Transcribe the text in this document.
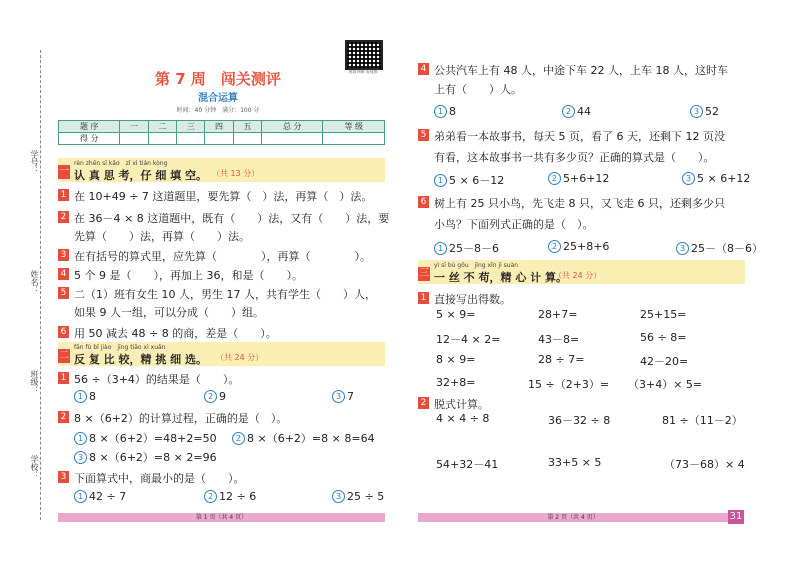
学号：
姓名：
班级：
学校：
第 7 周　闯关测评
混合运算
时间：40 分钟　满分：100 分
视频讲解 看视频
题 序	一	二	三	四	五	总 分	等 级
得 分							
一
rèn zhēn sī kǎo　zǐ xì tián kòng
认 真 思 考，仔 细 填 空。 （共 13 分）
1 在 10+49 ÷ 7 这道题里，要先算（　）法，再算（　）法。
2 在 36－4 × 8 这道题中，既有（　　）法，又有（　　）法，要
先算（　　）法，再算（　　）法。
3 在有括号的算式里，应先算（　　　　），再算（　　　　）。
4 5 个 9 是（　　），再加上 36，和是（　　）。
5 二（1）班有女生 10 人，男生 17 人，共有学生（　　）人，
如果 9 人一组，可以分成（　　）组。
6 用 50 减去 48 ÷ 8 的商，差是（　　）。
二
fǎn fù bǐ jiào　jīng tiāo xì xuǎn
反 复 比 较，精 挑 细 选。 （共 24 分）
1 56 ÷（3+4）的结果是（　　）。
1 8	2 9	3 7
2 8 ×（6+2）的计算过程，正确的是（　）。
1 8 ×（6+2）=48+2=50	2 8 ×（6+2）=8 × 8=64
3 8 ×（6+2）=8 × 2=96
3 下面算式中，商最小的是（　　）。
1 42 ÷ 7	2 12 ÷ 6	3 25 ÷ 5
第 1 页（共 4 页）
4 公共汽车上有 48 人，中途下车 22 人，上车 18 人，这时车
上有（　　）人。
1 8	2 44	3 52
5 弟弟看一本故事书，每天 5 页，看了 6 天，还剩下 12 页没
有看，这本故事书一共有多少页？正确的算式是（　　）。
1 5 × 6－12	2 5+6+12	3 5 × 6+12
6 树上有 25 只小鸟，先飞走 8 只，又飞走 6 只，还剩多少只
小鸟？下面列式正确的是（　）。
1 25－8－6	2 25+8+6	3 25－（8－6）
三
yì sī bù gǒu　jīng xīn jì suàn
一 丝 不 苟，精 心 计 算。
（共 24 分）
1 直接写出得数。
5 × 9=	28+7=	25+15=
12－4 × 2=	43－8=	56 ÷ 8=
8 × 9=	28 ÷ 7=	42－20=
32+8=	15 ÷（2+3）= （3+4）× 5=
2 脱式计算。
4 × 4 ÷ 8	36－32 ÷ 8	81 ÷（11－2）
54+32－41	33+5 × 5	（73－68）× 4
第 2 页（共 4 页）	31
